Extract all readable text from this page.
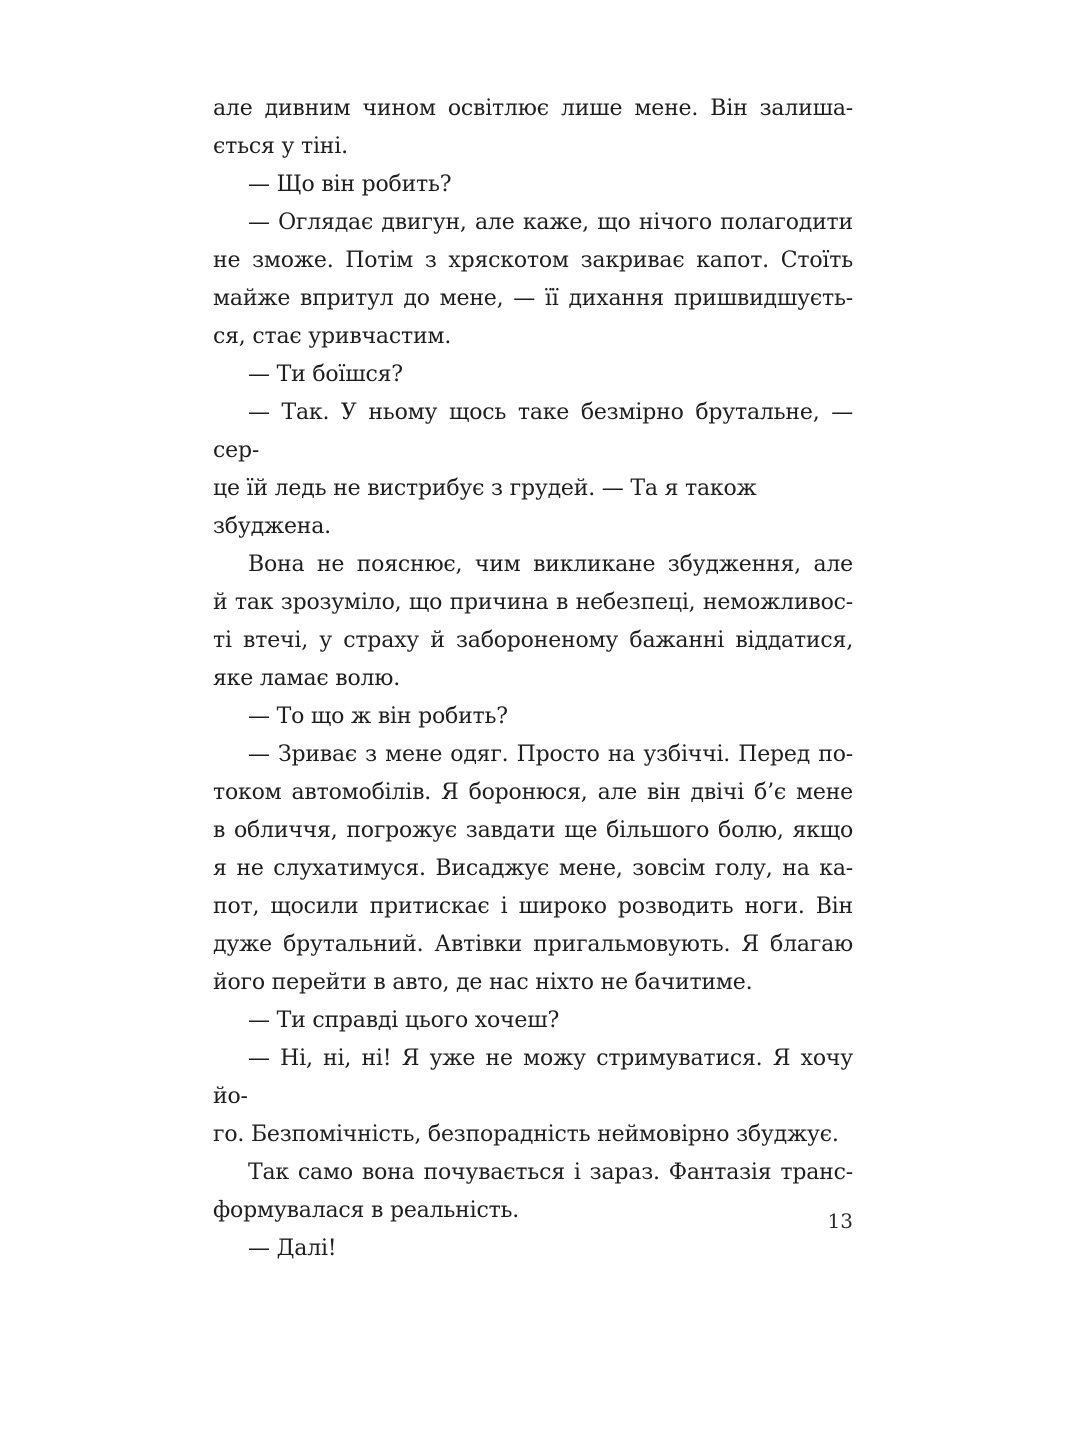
але дивним чином освітлює лише мене. Він залиша-
ється у тіні.
— Що він робить?
— Оглядає двигун, але каже, що нічого полагодити
не зможе. Потім з хряскотом закриває капот. Стоїть
майже впритул до мене, — її дихання пришвидшуєть-
ся, стає уривчастим.
— Ти боїшся?
— Так. У ньому щось таке безмірно брутальне, — сер-
це їй ледь не вистрибує з грудей. — Та я також збуджена.
Вона не пояснює, чим викликане збудження, але
й так зрозуміло, що причина в небезпеці, неможливос-
ті втечі, у страху й забороненому бажанні віддатися,
яке ламає волю.
— То що ж він робить?
— Зриває з мене одяг. Просто на узбіччі. Перед по-
током автомобілів. Я боронюся, але він двічі б’є мене
в обличчя, погрожує завдати ще більшого болю, якщо
я не слухатимуся. Висаджує мене, зовсім голу, на ка-
пот, щосили притискає і широко розводить ноги. Він
дуже брутальний. Автівки пригальмовують. Я благаю
його перейти в авто, де нас ніхто не бачитиме.
— Ти справді цього хочеш?
— Ні, ні, ні! Я уже не можу стримуватися. Я хочу йо-
го. Безпомічність, безпорадність неймовірно збуджує.
Так само вона почувається і зараз. Фантазія транс-
формувалася в реальність.
— Далі!
13
